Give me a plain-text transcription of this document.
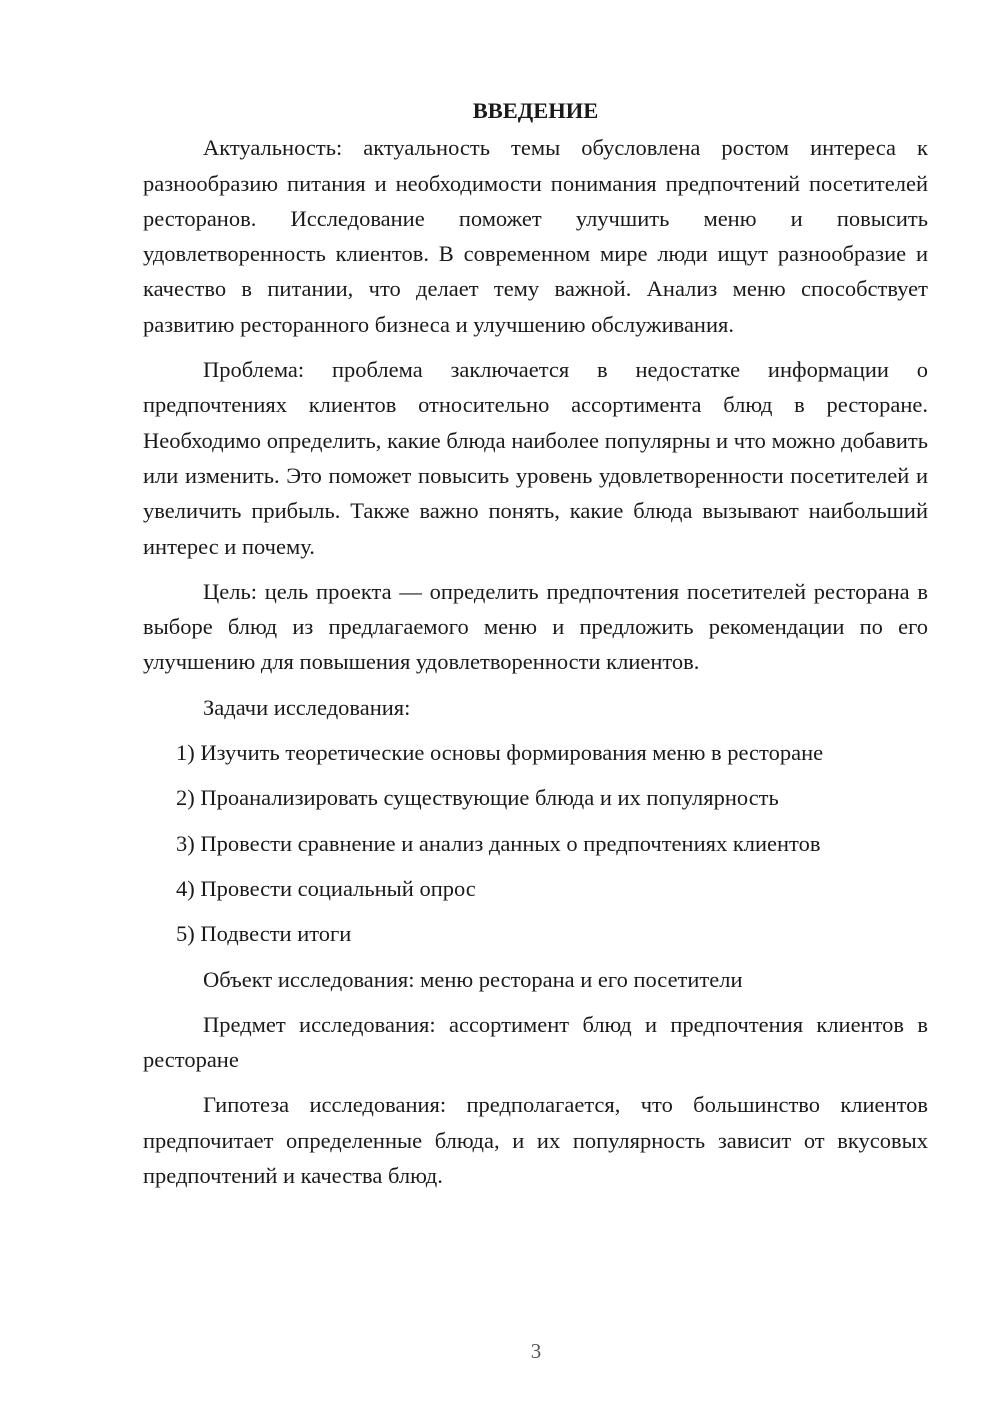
ВВЕДЕНИЕ

Актуальность: актуальность темы обусловлена ростом интереса к разнообразию питания и необходимости понимания предпочтений посетителей ресторанов. Исследование поможет улучшить меню и повысить удовлетворенность клиентов. В современном мире люди ищут разнообразие и качество в питании, что делает тему важной. Анализ меню способствует развитию ресторанного бизнеса и улучшению обслуживания.

Проблема: проблема заключается в недостатке информации о предпочтениях клиентов относительно ассортимента блюд в ресторане. Необходимо определить, какие блюда наиболее популярны и что можно добавить или изменить. Это поможет повысить уровень удовлетворенности посетителей и увеличить прибыль. Также важно понять, какие блюда вызывают наибольший интерес и почему.

Цель: цель проекта — определить предпочтения посетителей ресторана в выборе блюд из предлагаемого меню и предложить рекомендации по его улучшению для повышения удовлетворенности клиентов.

Задачи исследования:

1) Изучить теоретические основы формирования меню в ресторане

2) Проанализировать существующие блюда и их популярность

3) Провести сравнение и анализ данных о предпочтениях клиентов

4) Провести социальный опрос

5) Подвести итоги

Объект исследования: меню ресторана и его посетители

Предмет исследования: ассортимент блюд и предпочтения клиентов в ресторане

Гипотеза исследования: предполагается, что большинство клиентов предпочитает определенные блюда, и их популярность зависит от вкусовых предпочтений и качества блюд.

3
